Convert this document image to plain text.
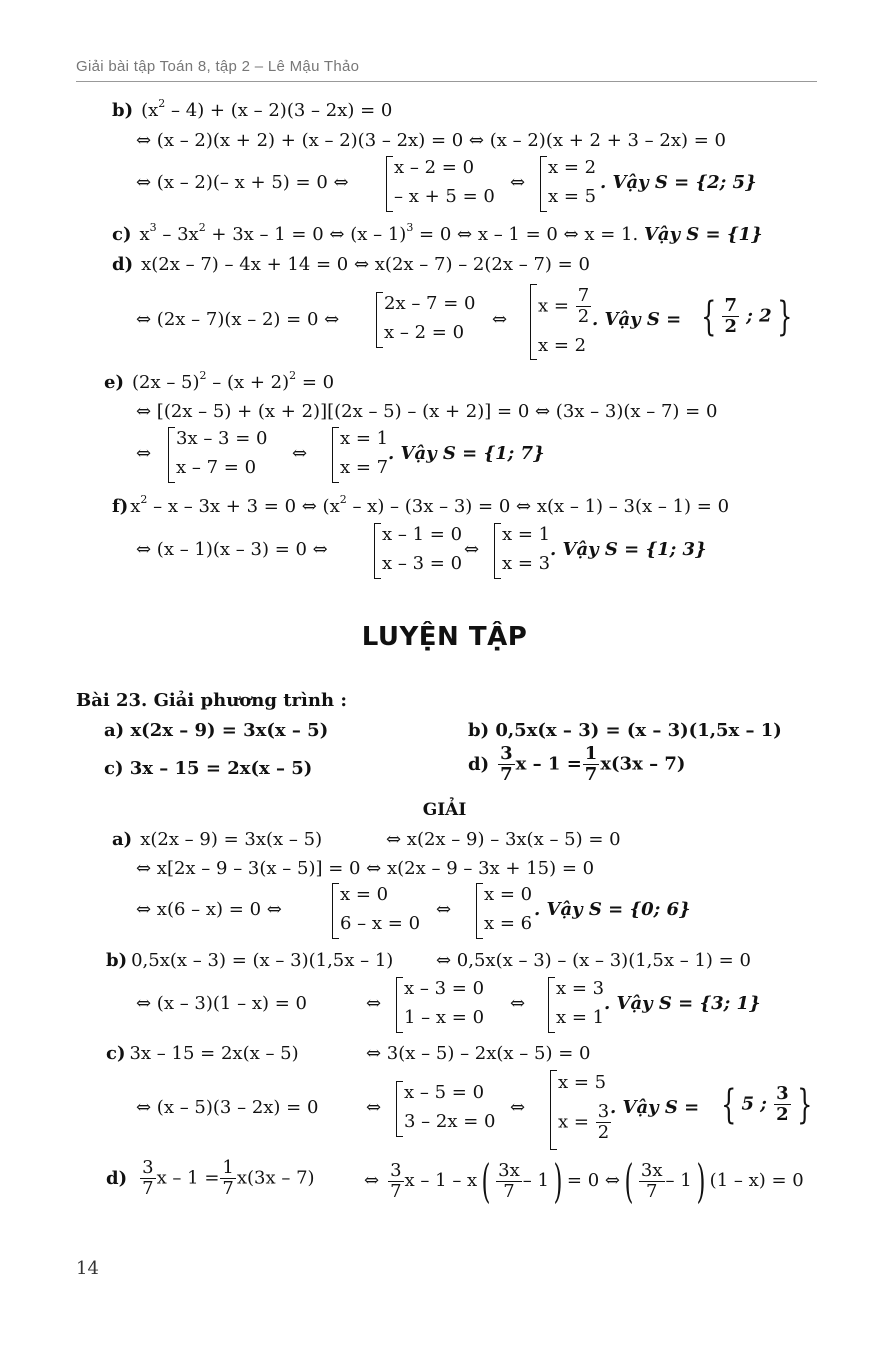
Giải bài tập Toán 8, tập 2 – Lê Mậu Thảo
b) $(x^2 - 4) + (x - 2)(3 - 2x) = 0$
⇔ (x – 2)(x + 2) + (x – 2)(3 – 2x) = 0 ⇔ (x – 2)(x + 2 + 3 – 2x) = 0
⇔ (x – 2)(– x + 5) = 0 ⇔
x – 2 = 0
– x + 5 = 0
⇔
x = 2
x = 5
. Vậy S = {2; 5}
c) $x^3 - 3x^2 + 3x - 1 = 0$ ⇔ (x – 1)$^3$ = 0 ⇔ x – 1 = 0 ⇔ x = 1. Vậy S = {1}
d) x(2x – 7) – 4x + 14 = 0 ⇔ x(2x – 7) – 2(2x – 7) = 0
⇔ (2x – 7)(x – 2) = 0 ⇔
2x – 7 = 0
x – 2 = 0
⇔
$x = \frac{7}{2}$
x = 2
. Vậy S = { $\frac{7}{2}$ ; 2 }
e) $(2x - 5)^2 - (x + 2)^2 = 0$
⇔ [(2x – 5) + (x + 2)][(2x – 5) – (x + 2)] = 0 ⇔ (3x – 3)(x – 7) = 0
⇔
3x – 3 = 0
x – 7 = 0
⇔
x = 1
x = 7
. Vậy S = {1; 7}
f) $x^2 - x - 3x + 3 = 0$ ⇔ $(x^2 - x) - (3x - 3) = 0$ ⇔ x(x – 1) – 3(x – 1) = 0
⇔ (x – 1)(x – 3) = 0 ⇔
x – 1 = 0
x – 3 = 0
⇔
x = 1
x = 3
. Vậy S = {1; 3}
LUYỆN TẬP
Bài 23. Giải phương trình :
a) x(2x – 9) = 3x(x – 5)	b) 0,5x(x – 3) = (x – 3)(1,5x – 1)
c) 3x – 15 = 2x(x – 5)	$d) \frac{3}{7}$ $x - 1 = \frac{1}{7} x(3x - 7)$
GIẢI
a) x(2x – 9) = 3x(x – 5)	⇔ x(2x – 9) – 3x(x – 5) = 0
⇔ x[2x – 9 – 3(x – 5)] = 0 ⇔ x(2x – 9 – 3x + 15) = 0
⇔ x(6 – x) = 0 ⇔
x = 0
6 – x = 0
⇔
x = 0
x = 6
. Vậy S = {0; 6}
b) 0,5x(x – 3) = (x – 3)(1,5x – 1) ⇔ 0,5x(x – 3) – (x – 3)(1,5x – 1) = 0
⇔ (x – 3)(1 – x) = 0	⇔
x – 3 = 0
1 – x = 0
⇔
x = 3
x = 1
. Vậy S = {3; 1}
c) 3x – 15 = 2x(x – 5)	⇔ 3(x – 5) – 2x(x – 5) = 0
⇔ (x – 5)(3 – 2x) = 0	⇔
x – 5 = 0
3 – 2x = 0
⇔
x = 5
$x = \frac{3}{2}$
. Vậy S = { 5 ; $\frac{3}{2}$ }
$d) \frac{3}{7}$ $x - 1 = \frac{1}{7} x(3x - 7)$	⇔ $\frac{3}{7}$ $x - 1 - x( \frac{3x}{7} - 1) = 0$ ⇔( $\frac{3x}{7} - 1$) (1 – x) = 0
14
